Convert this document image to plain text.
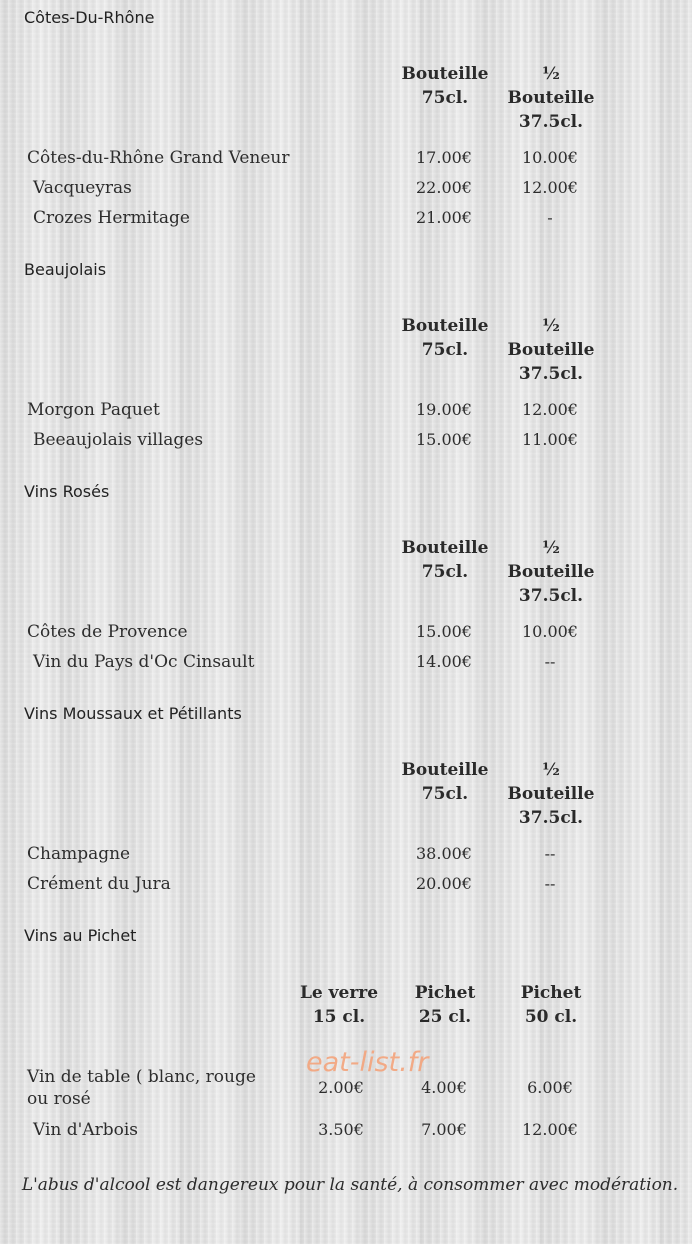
Côtes-Du-Rhône
Bouteille
75cl.
½ Bouteille
37.5cl.
Côtes-du-Rhône Grand Veneur	17.00€	10.00€
Vacqueyras	22.00€	12.00€
Crozes Hermitage	21.00€	-
Beaujolais
Bouteille
75cl.
½ Bouteille
37.5cl.
Morgon Paquet	19.00€	12.00€
Beeaujolais villages	15.00€	11.00€
Vins Rosés
Bouteille
75cl.
½ Bouteille
37.5cl.
Côtes de Provence	15.00€	10.00€
Vin du Pays d'Oc Cinsault	14.00€	--
Vins Moussaux et Pétillants
Bouteille
75cl.
½ Bouteille
37.5cl.
Champagne	38.00€	--
Crément du Jura	20.00€	--
Vins au Pichet
Le verre
15 cl.
Pichet
25 cl.
Pichet
50 cl.
Vin de table ( blanc, rouge
ou rosé
2.00€	4.00€	6.00€
Vin d'Arbois	3.50€	7.00€	12.00€
eat-list.fr
L'abus d'alcool est dangereux pour la santé, à consommer avec modération.
